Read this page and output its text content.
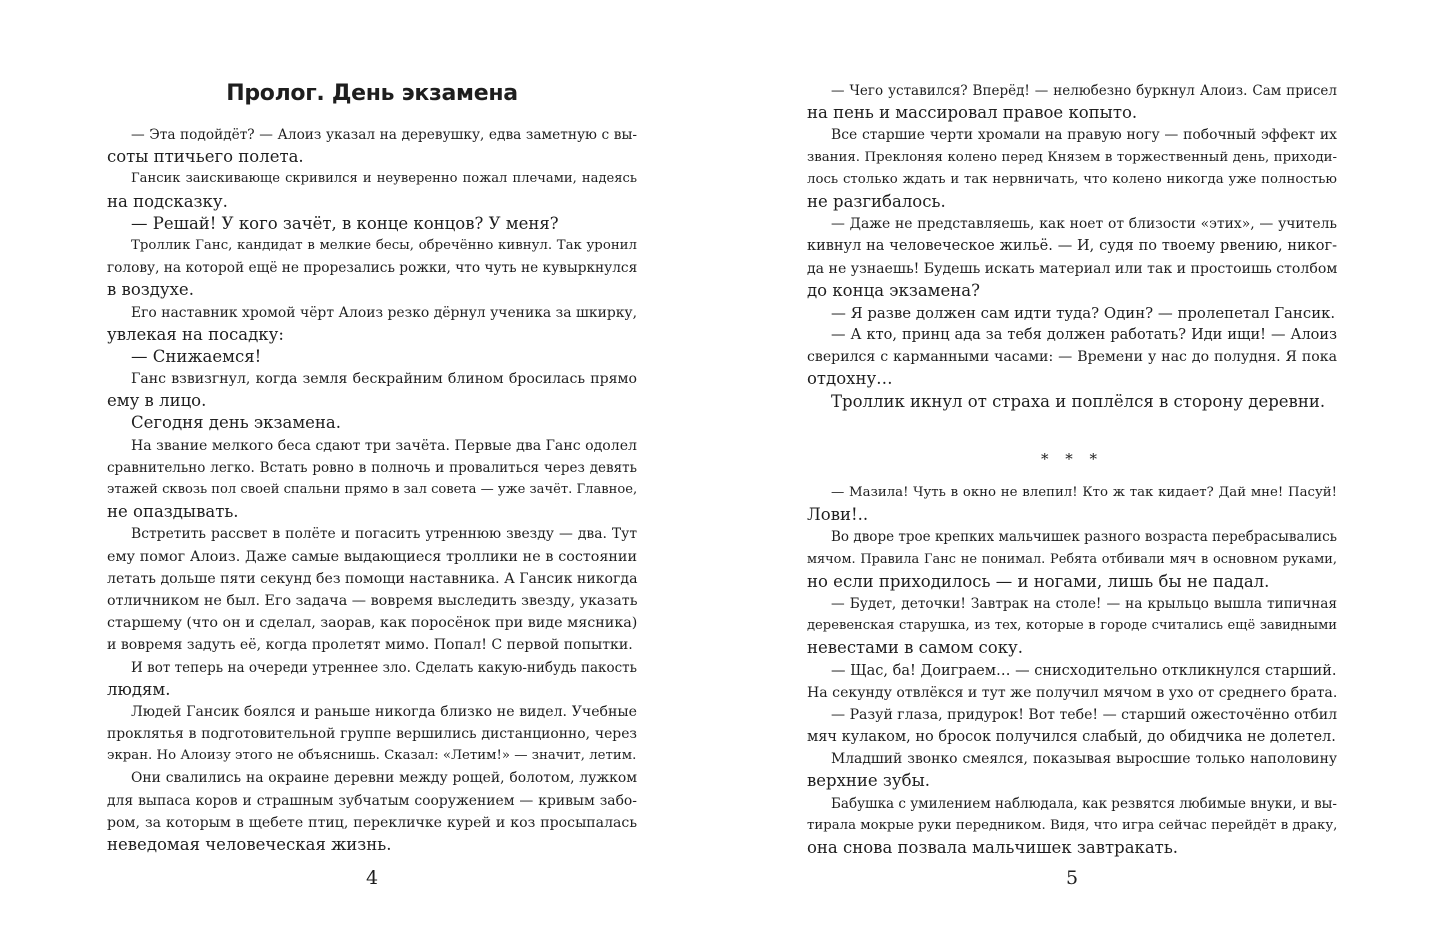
Пролог. День экзамена
— Эта подойдёт? — Алоиз указал на деревушку, едва заметную с вы-
соты птичьего полета.
Гансик заискивающе скривился и неуверенно пожал плечами, надеясь
на подсказку.
— Решай! У кого зачёт, в конце концов? У меня?
Троллик Ганс, кандидат в мелкие бесы, обречённо кивнул. Так уронил
голову, на которой ещё не прорезались рожки, что чуть не кувыркнулся
в воздухе.
Его наставник хромой чёрт Алоиз резко дёрнул ученика за шкирку,
увлекая на посадку:
— Снижаемся!
Ганс взвизгнул, когда земля бескрайним блином бросилась прямо
ему в лицо.
Сегодня день экзамена.
На звание мелкого беса сдают три зачёта. Первые два Ганс одолел
сравнительно легко. Встать ровно в полночь и провалиться через девять
этажей сквозь пол своей спальни прямо в зал совета — уже зачёт. Главное,
не опаздывать.
Встретить рассвет в полёте и погасить утреннюю звезду — два. Тут
ему помог Алоиз. Даже самые выдающиеся троллики не в состоянии
летать дольше пяти секунд без помощи наставника. А Гансик никогда
отличником не был. Его задача — вовремя выследить звезду, указать
старшему (что он и сделал, заорав, как поросёнок при виде мясника)
и вовремя задуть её, когда пролетят мимо. Попал! С первой попытки.
И вот теперь на очереди утреннее зло. Сделать какую-нибудь пакость
людям.
Людей Гансик боялся и раньше никогда близко не видел. Учебные
проклятья в подготовительной группе вершились дистанционно, через
экран. Но Алоизу этого не объяснишь. Сказал: «Летим!» — значит, летим.
Они свалились на окраине деревни между рощей, болотом, лужком
для выпаса коров и страшным зубчатым сооружением — кривым забо-
ром, за которым в щебете птиц, перекличке курей и коз просыпалась
неведомая человеческая жизнь.
4
— Чего уставился? Вперёд! — нелюбезно буркнул Алоиз. Сам присел
на пень и массировал правое копыто.
Все старшие черти хромали на правую ногу — побочный эффект их
звания. Преклоняя колено перед Князем в торжественный день, приходи-
лось столько ждать и так нервничать, что колено никогда уже полностью
не разгибалось.
— Даже не представляешь, как ноет от близости «этих», — учитель
кивнул на человеческое жильё. — И, судя по твоему рвению, никог-
да не узнаешь! Будешь искать материал или так и простоишь столбом
до конца экзамена?
— Я разве должен сам идти туда? Один? — пролепетал Гансик.
— А кто, принц ада за тебя должен работать? Иди ищи! — Алоиз
сверился с карманными часами: — Времени у нас до полудня. Я пока
отдохну…
Троллик икнул от страха и поплёлся в сторону деревни.
* * *
— Мазила! Чуть в окно не влепил! Кто ж так кидает? Дай мне! Пасуй!
Лови!..
Во дворе трое крепких мальчишек разного возраста перебрасывались
мячом. Правила Ганс не понимал. Ребята отбивали мяч в основном руками,
но если приходилось — и ногами, лишь бы не падал.
— Будет, деточки! Завтрак на столе! — на крыльцо вышла типичная
деревенская старушка, из тех, которые в городе считались ещё завидными
невестами в самом соку.
— Щас, ба! Доиграем… — снисходительно откликнулся старший.
На секунду отвлёкся и тут же получил мячом в ухо от среднего брата.
— Разуй глаза, придурок! Вот тебе! — старший ожесточённо отбил
мяч кулаком, но бросок получился слабый, до обидчика не долетел.
Младший звонко смеялся, показывая выросшие только наполовину
верхние зубы.
Бабушка с умилением наблюдала, как резвятся любимые внуки, и вы-
тирала мокрые руки передником. Видя, что игра сейчас перейдёт в драку,
она снова позвала мальчишек завтракать.
5
